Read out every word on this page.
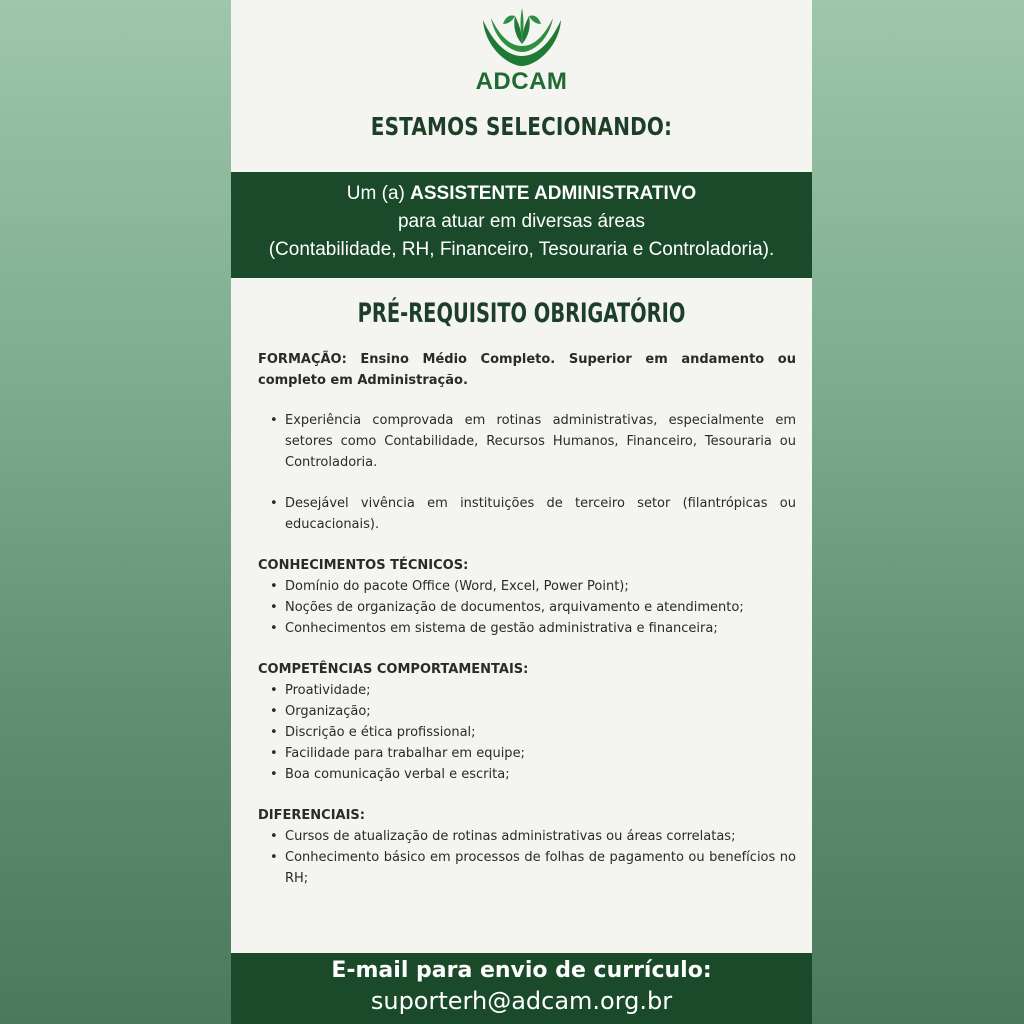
ADCAM
ESTAMOS SELECIONANDO:
Um (a) ASSISTENTE ADMINISTRATIVO
para atuar em diversas áreas
(Contabilidade, RH, Financeiro, Tesouraria e Controladoria).
PRÉ-REQUISITO OBRIGATÓRIO

FORMAÇÃO: Ensino Médio Completo. Superior em andamento ou completo em Administração.

• Experiência comprovada em rotinas administrativas, especialmente em setores como Contabilidade, Recursos Humanos, Financeiro, Tesouraria ou Controladoria.
• Desejável vivência em instituições de terceiro setor (filantrópicas ou educacionais).

CONHECIMENTOS TÉCNICOS:

• Domínio do pacote Office (Word, Excel, Power Point);
• Noções de organização de documentos, arquivamento e atendimento;
• Conhecimentos em sistema de gestão administrativa e financeira;

COMPETÊNCIAS COMPORTAMENTAIS:

• Proatividade;
• Organização;
• Discrição e ética profissional;
• Facilidade para trabalhar em equipe;
• Boa comunicação verbal e escrita;

DIFERENCIAIS:

• Cursos de atualização de rotinas administrativas ou áreas correlatas;
• Conhecimento básico em processos de folhas de pagamento ou benefícios no RH;
E-mail para envio de currículo:
suporterh@adcam.org.br
